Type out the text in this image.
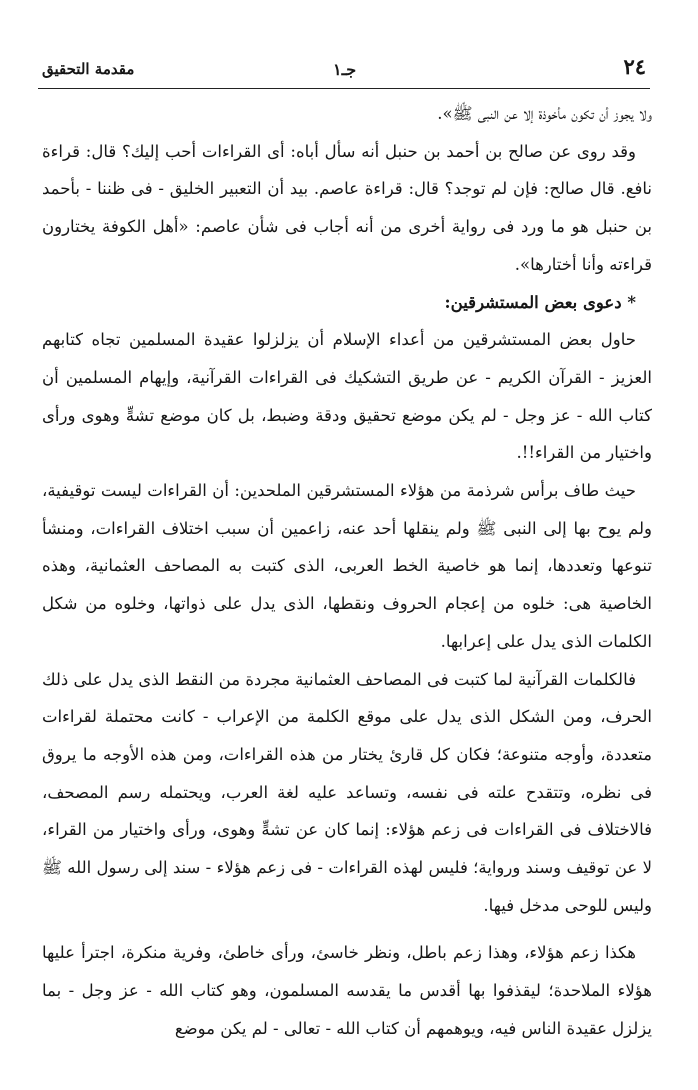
٢٤
جـ١
مقدمة التحقيق

ولا يجوز أن تكون مأخوذة إلا عن النبى ﷺ».

وقد روى عن صالح بن أحمد بن حنبل أنه سأل أباه: أى القراءات أحب إليك؟ قال: قراءة نافع. قال صالح: فإن لم توجد؟ قال: قراءة عاصم. بيد أن التعبير الخليق - فى ظننا - بأحمد بن حنبل هو ما ورد فى رواية أخرى من أنه أجاب فى شأن عاصم: «أهل الكوفة يختارون قراءته وأنا أختارها».

* دعوى بعض المستشرقين:

حاول بعض المستشرقين من أعداء الإسلام أن يزلزلوا عقيدة المسلمين تجاه كتابهم العزيز - القرآن الكريم - عن طريق التشكيك فى القراءات القرآنية، وإيهام المسلمين أن كتاب الله - عز وجل - لم يكن موضع تحقيق ودقة وضبط، بل كان موضع تشهٍّ وهوى ورأى واختيار من القراء!!.

حيث طاف برأس شرذمة من هؤلاء المستشرقين الملحدين: أن القراءات ليست توقيفية، ولم يوح بها إلى النبى ﷺ ولم ينقلها أحد عنه، زاعمين أن سبب اختلاف القراءات، ومنشأ تنوعها وتعددها، إنما هو خاصية الخط العربى، الذى كتبت به المصاحف العثمانية، وهذه الخاصية هى: خلوه من إعجام الحروف ونقطها، الذى يدل على ذواتها، وخلوه من شكل الكلمات الذى يدل على إعرابها.

فالكلمات القرآنية لما كتبت فى المصاحف العثمانية مجردة من النقط الذى يدل على ذلك الحرف، ومن الشكل الذى يدل على موقع الكلمة من الإعراب - كانت محتملة لقراءات متعددة، وأوجه متنوعة؛ فكان كل قارئ يختار من هذه القراءات، ومن هذه الأوجه ما يروق فى نظره، وتتقدح علته فى نفسه، وتساعد عليه لغة العرب، ويحتمله رسم المصحف، فالاختلاف فى القراءات فى زعم هؤلاء: إنما كان عن تشهٍّ وهوى، ورأى واختيار من القراء، لا عن توقيف وسند ورواية؛ فليس لهذه القراءات - فى زعم هؤلاء - سند إلى رسول الله ﷺ وليس للوحى مدخل فيها.

هكذا زعم هؤلاء، وهذا زعم باطل، ونظر خاسئ، ورأى خاطئ، وفرية منكرة، اجترأ عليها هؤلاء الملاحدة؛ ليقذفوا بها أقدس ما يقدسه المسلمون، وهو كتاب الله - عز وجل - بما يزلزل عقيدة الناس فيه، ويوهمهم أن كتاب الله - تعالى - لم يكن موضع
